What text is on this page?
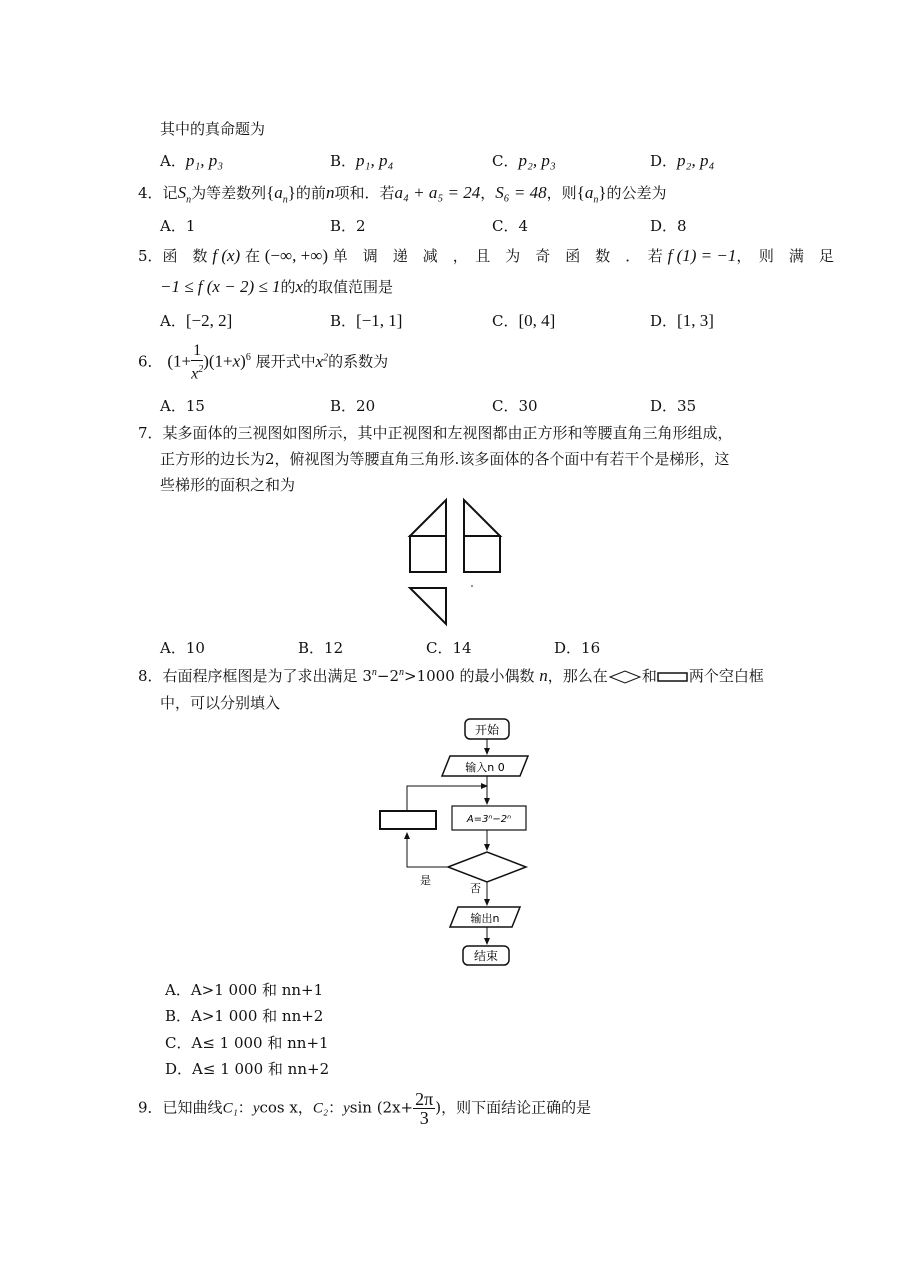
其中的真命题为
A．p₁, p₃	B．p₁, p₄	C．p₂, p₃	D．p₂, p₄
4．记$S_n$为等差数列$\{a_n\}$的前n项和．若a₄ + a₅ = 24，S₆ = 48，则$\{a_n\}$的公差为
A．1	B．2	C．4	D．8
5．函　数 f (x) 在 (−∞, +∞) 单　调　递　减　，　且　为　奇　函　数　．　若 f (1) = −1，　则　满　足
−1 ≤ f (x − 2) ≤ 1的x的取值范围是
A．[−2, 2]	B．[−1, 1]	C．[0, 4]	D．[1, 3]
6． $(1+ \frac{1}{x^2} )(1+x)^6$ 展开式中$x^2$的系数为
A．15	B．20	C．30	D．35
7．某多面体的三视图如图所示，其中正视图和左视图都由正方形和等腰直角三角形组成，
正方形的边长为2，俯视图为等腰直角三角形.该多面体的各个面中有若干个是梯形，这
些梯形的面积之和为
A．10	B．12	C．14	D．16
8．右面程序框图是为了求出满足 $3^n-2^n>1000$ 的最小偶数 n，那么在 和 两个空白框
中，可以分别填入
开始
输入n 0
A=3ⁿ−2ⁿ
是
否
输出n
结束
A．A>1 000 和 nn+1
B．A>1 000 和 nn+2
C．A≤ 1 000 和 nn+1
D．A≤ 1 000 和 nn+2
9．已知曲线C₁：ycos x，C₂：ysin ($2x+ \frac{2\pi}{3}$ )，则下面结论正确的是
